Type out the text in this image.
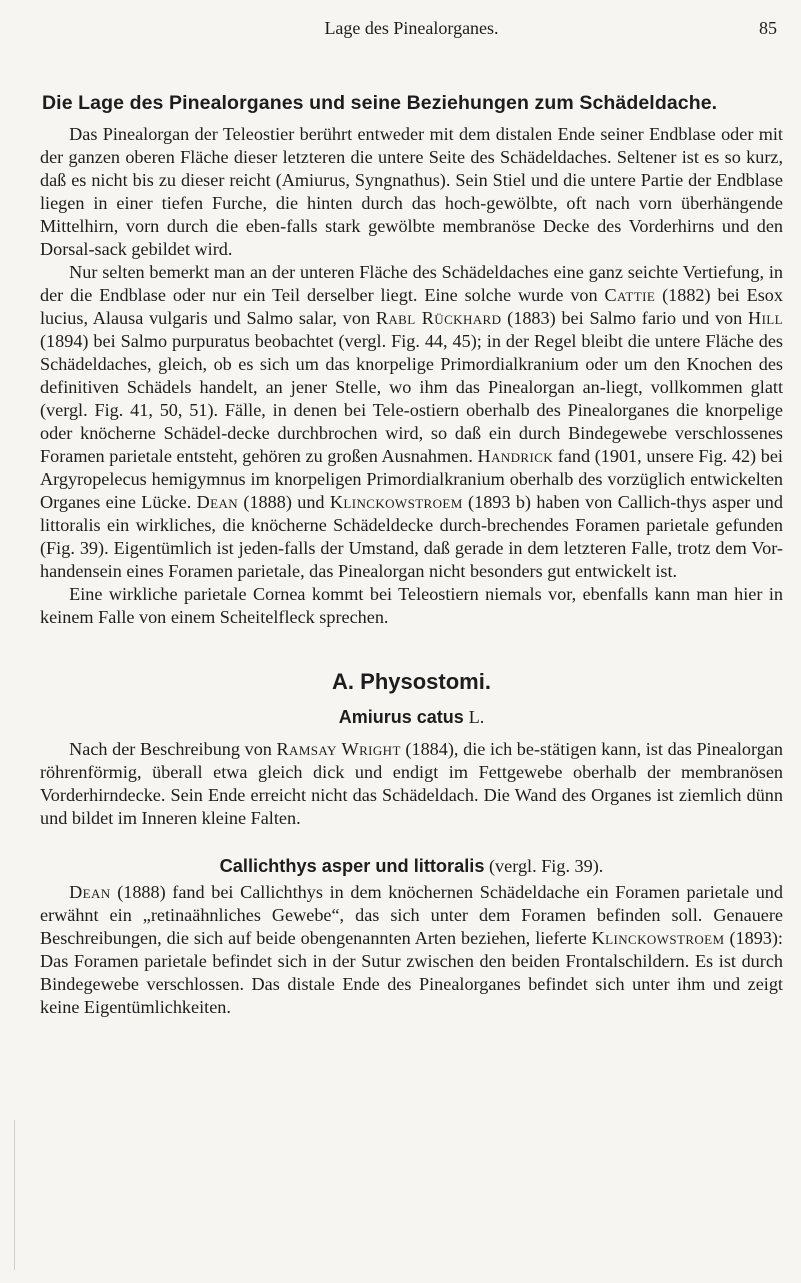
Lage des Pinealorganes.	85
Die Lage des Pinealorganes und seine Beziehungen zum Schädeldache.

Das Pinealorgan der Teleostier berührt entweder mit dem distalen Ende seiner Endblase oder mit der ganzen oberen Fläche dieser letzteren die untere Seite des Schädeldaches. Seltener ist es so kurz, daß es nicht bis zu dieser reicht (Amiurus, Syngnathus). Sein Stiel und die untere Partie der Endblase liegen in einer tiefen Furche, die hinten durch das hoch-gewölbte, oft nach vorn überhängende Mittelhirn, vorn durch die eben-falls stark gewölbte membranöse Decke des Vorderhirns und den Dorsal-sack gebildet wird.

Nur selten bemerkt man an der unteren Fläche des Schädeldaches eine ganz seichte Vertiefung, in der die Endblase oder nur ein Teil derselber liegt. Eine solche wurde von Cattie (1882) bei Esox lucius, Alausa vulgaris und Salmo salar, von Rabl Rückhard (1883) bei Salmo fario und von Hill (1894) bei Salmo purpuratus beobachtet (vergl. Fig. 44, 45); in der Regel bleibt die untere Fläche des Schädeldaches, gleich, ob es sich um das knorpelige Primordialkranium oder um den Knochen des definitiven Schädels handelt, an jener Stelle, wo ihm das Pinealorgan an-liegt, vollkommen glatt (vergl. Fig. 41, 50, 51). Fälle, in denen bei Tele-ostiern oberhalb des Pinealorganes die knorpelige oder knöcherne Schädel-decke durchbrochen wird, so daß ein durch Bindegewebe verschlossenes Foramen parietale entsteht, gehören zu großen Ausnahmen. Handrick fand (1901, unsere Fig. 42) bei Argyropelecus hemigymnus im knorpeligen Primordialkranium oberhalb des vorzüglich entwickelten Organes eine Lücke. Dean (1888) und Klinckowstroem (1893 b) haben von Callich-thys asper und littoralis ein wirkliches, die knöcherne Schädeldecke durch-brechendes Foramen parietale gefunden (Fig. 39). Eigentümlich ist jeden-falls der Umstand, daß gerade in dem letzteren Falle, trotz dem Vor-handensein eines Foramen parietale, das Pinealorgan nicht besonders gut entwickelt ist.

Eine wirkliche parietale Cornea kommt bei Teleostiern niemals vor, ebenfalls kann man hier in keinem Falle von einem Scheitelfleck sprechen.

A. Physostomi.
Amiurus catus L.

Nach der Beschreibung von Ramsay Wright (1884), die ich be-stätigen kann, ist das Pinealorgan röhrenförmig, überall etwa gleich dick und endigt im Fettgewebe oberhalb der membranösen Vorderhirndecke. Sein Ende erreicht nicht das Schädeldach. Die Wand des Organes ist ziemlich dünn und bildet im Inneren kleine Falten.

Callichthys asper und littoralis (vergl. Fig. 39).

Dean (1888) fand bei Callichthys in dem knöchernen Schädeldache ein Foramen parietale und erwähnt ein „retinaähnliches Gewebe“, das sich unter dem Foramen befinden soll. Genauere Beschreibungen, die sich auf beide obengenannten Arten beziehen, lieferte Klinckowstroem (1893): Das Foramen parietale befindet sich in der Sutur zwischen den beiden Frontalschildern. Es ist durch Bindegewebe verschlossen. Das distale Ende des Pinealorganes befindet sich unter ihm und zeigt keine Eigentümlichkeiten.
